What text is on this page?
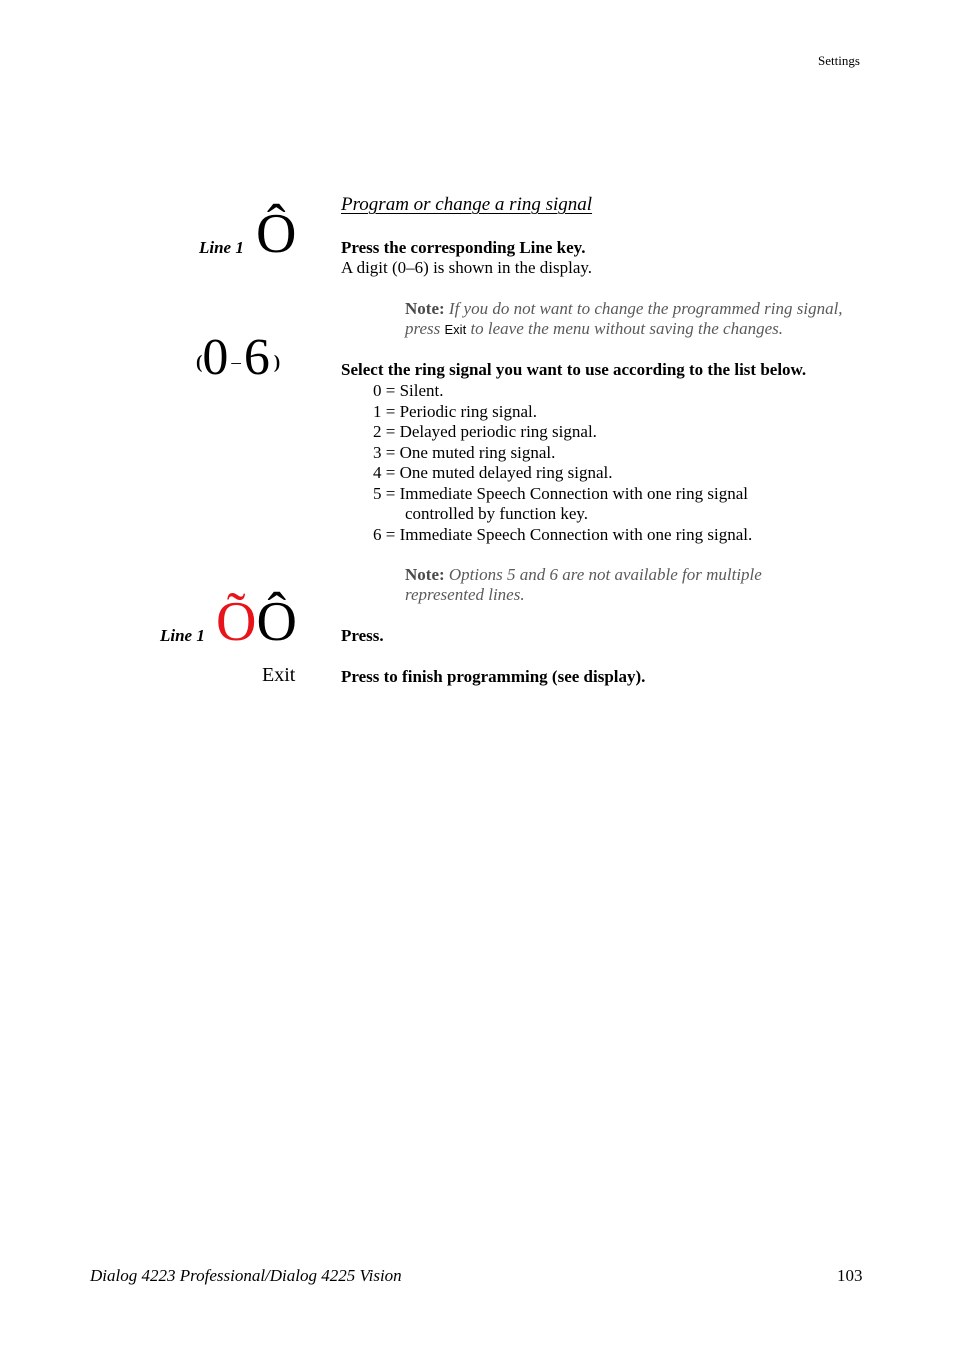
Settings
Program or change a ring signal
Line 1 Ô	Press the corresponding Line key.
A digit (0–6) is shown in the display.
Note: If you do not want to change the programmed ring signal,
press Exit to leave the menu without saving the changes.
(0 –6 )	Select the ring signal you want to use according to the list below.
0 = Silent.
1 = Periodic ring signal.
2 = Delayed periodic ring signal.
3 = One muted ring signal.
4 = One muted delayed ring signal.
5 = Immediate Speech Connection with one ring signal
controlled by function key.
6 = Immediate Speech Connection with one ring signal.
Note: Options 5 and 6 are not available for multiple
represented lines.
Line 1 ÕÔ	Press.
Exit	Press to finish programming (see display).
Dialog 4223 Professional/Dialog 4225 Vision	103
